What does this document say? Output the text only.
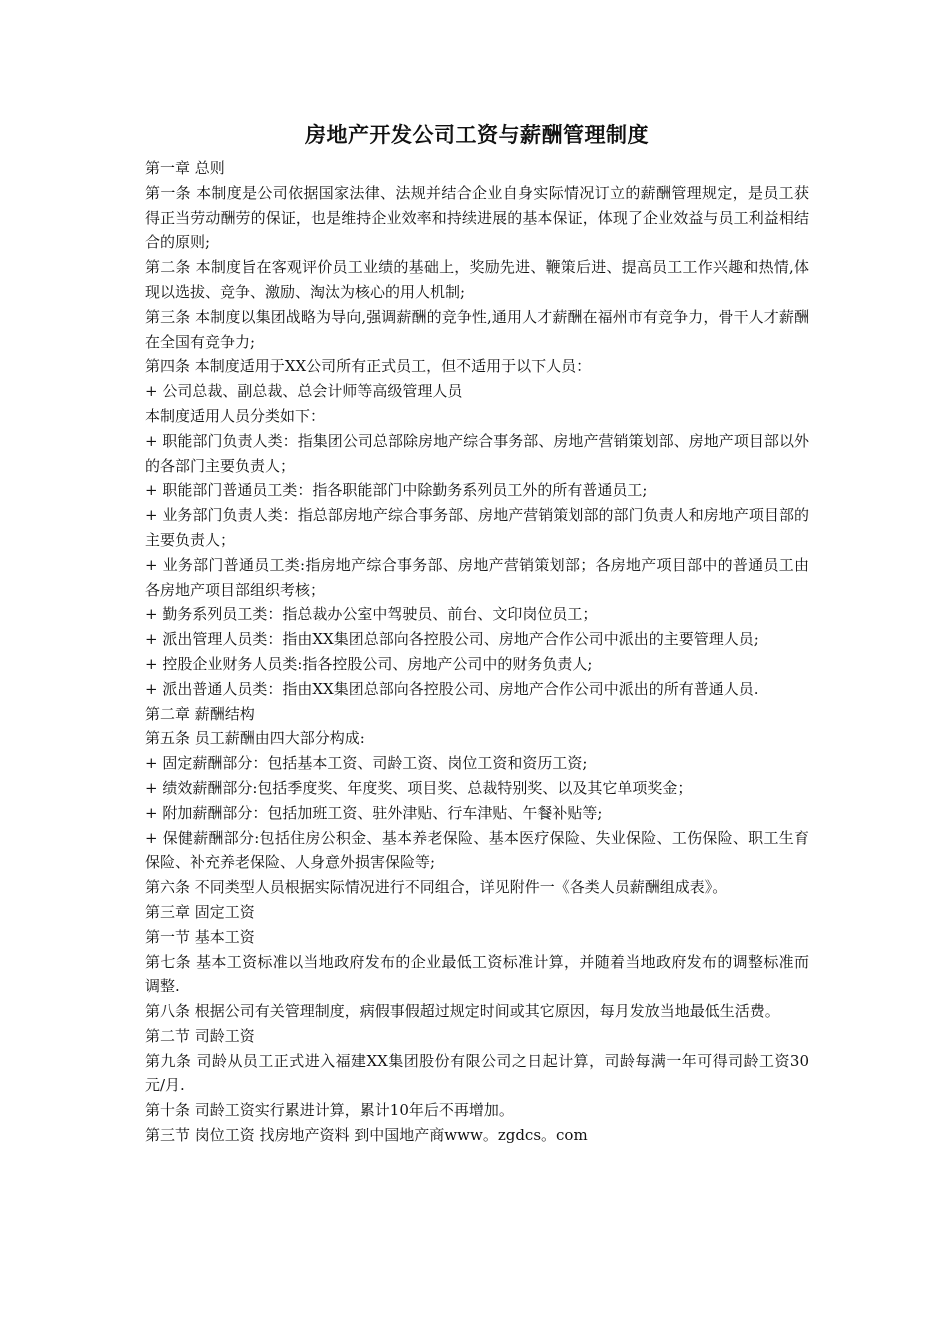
房地产开发公司工资与薪酬管理制度

第一章 总则

第一条 本制度是公司依据国家法律、法规并结合企业自身实际情况订立的薪酬管理规定，是员工获得正当劳动酬劳的保证，也是维持企业效率和持续进展的基本保证，体现了企业效益与员工利益相结合的原则;

第二条 本制度旨在客观评价员工业绩的基础上，奖励先进、鞭策后进、提高员工工作兴趣和热情,体现以选拔、竞争、激励、淘汰为核心的用人机制;

第三条 本制度以集团战略为导向,强调薪酬的竞争性,通用人才薪酬在福州市有竞争力，骨干人才薪酬在全国有竞争力;

第四条 本制度适用于XX公司所有正式员工，但不适用于以下人员：

+ 公司总裁、副总裁、总会计师等高级管理人员

本制度适用人员分类如下：

+ 职能部门负责人类：指集团公司总部除房地产综合事务部、房地产营销策划部、房地产项目部以外的各部门主要负责人；

+ 职能部门普通员工类：指各职能部门中除勤务系列员工外的所有普通员工;

+ 业务部门负责人类：指总部房地产综合事务部、房地产营销策划部的部门负责人和房地产项目部的主要负责人；

+ 业务部门普通员工类:指房地产综合事务部、房地产营销策划部；各房地产项目部中的普通员工由各房地产项目部组织考核；

+ 勤务系列员工类：指总裁办公室中驾驶员、前台、文印岗位员工；

+ 派出管理人员类：指由XX集团总部向各控股公司、房地产合作公司中派出的主要管理人员;

+ 控股企业财务人员类:指各控股公司、房地产公司中的财务负责人;

+ 派出普通人员类：指由XX集团总部向各控股公司、房地产合作公司中派出的所有普通人员.

第二章 薪酬结构

第五条 员工薪酬由四大部分构成:

+ 固定薪酬部分：包括基本工资、司龄工资、岗位工资和资历工资;

+ 绩效薪酬部分:包括季度奖、年度奖、项目奖、总裁特别奖、以及其它单项奖金；

+ 附加薪酬部分：包括加班工资、驻外津贴、行车津贴、午餐补贴等;

+ 保健薪酬部分:包括住房公积金、基本养老保险、基本医疗保险、失业保险、工伤保险、职工生育保险、补充养老保险、人身意外损害保险等;

第六条 不同类型人员根据实际情况进行不同组合，详见附件一《各类人员薪酬组成表》。

第三章 固定工资

第一节 基本工资

第七条 基本工资标准以当地政府发布的企业最低工资标准计算，并随着当地政府发布的调整标准而调整.

第八条 根据公司有关管理制度，病假事假超过规定时间或其它原因，每月发放当地最低生活费。

第二节 司龄工资

第九条 司龄从员工正式进入福建XX集团股份有限公司之日起计算，司龄每满一年可得司龄工资30元/月.

第十条 司龄工资实行累进计算，累计10年后不再增加。

第三节 岗位工资 找房地产资料 到中国地产商www。zgdcs。com
